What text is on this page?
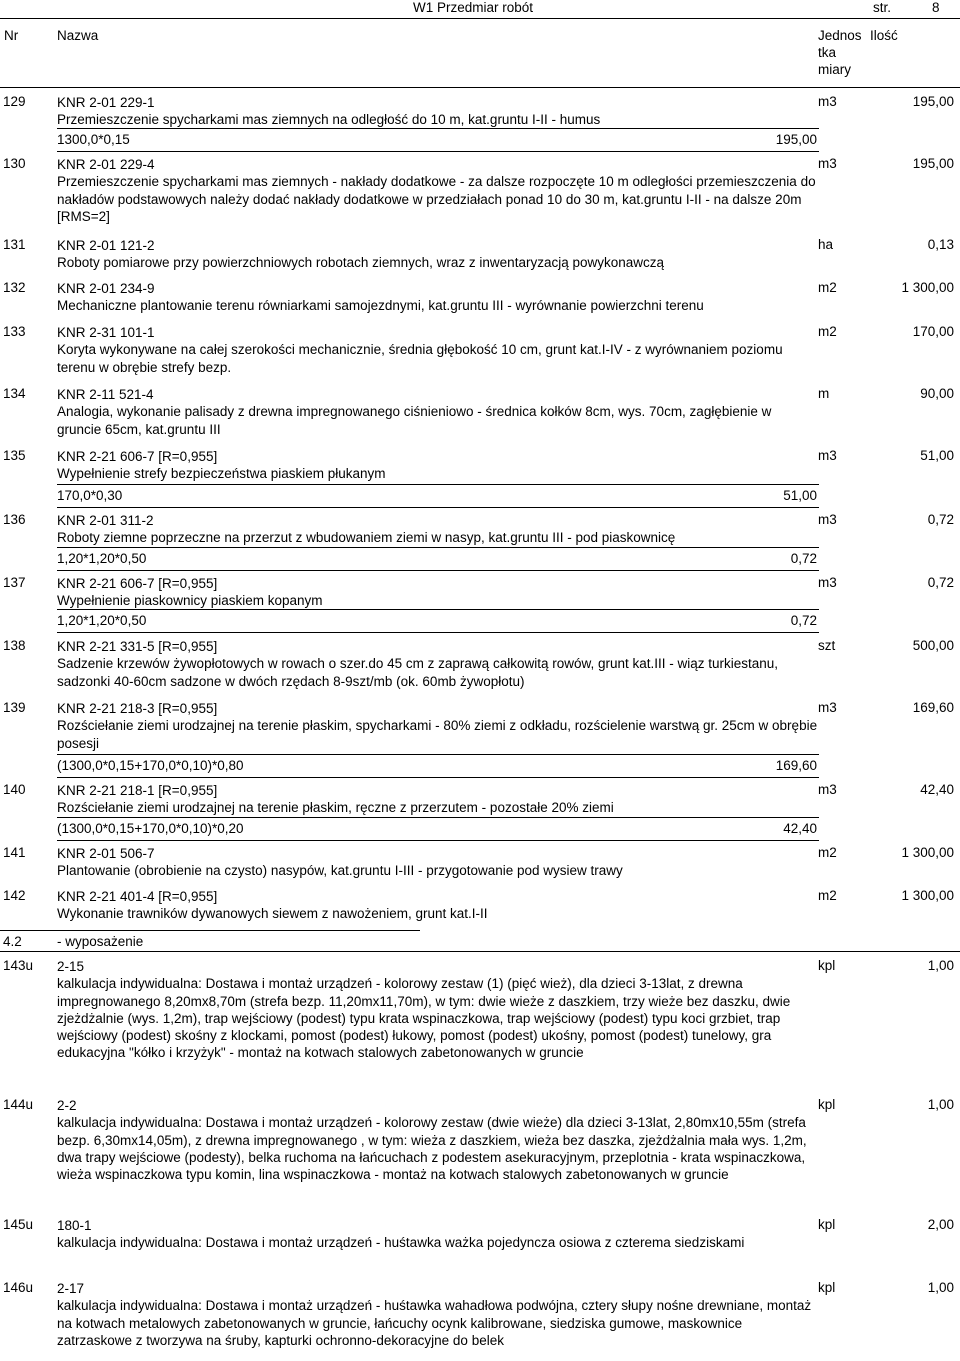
W1 Przedmiar robót	str.	8
Nr	Nazwa	Jednos
tka
miary
Ilość
129 KNR 2-01 229-1
Przemieszczenie spycharkami mas ziemnych na odległość do 10 m, kat.gruntu I-II - humus
m3	195,00
1300,0*0,15	195,00
130 KNR 2-01 229-4
Przemieszczenie spycharkami mas ziemnych - nakłady dodatkowe - za dalsze rozpoczęte 10 m odległości przemieszczenia do nakładów podstawowych należy dodać nakłady dodatkowe w przedziałach ponad 10 do 30 m, kat.gruntu I-II - na dalsze 20m [RMS=2]
m3	195,00
131 KNR 2-01 121-2
Roboty pomiarowe przy powierzchniowych robotach ziemnych, wraz z inwentaryzacją powykonawczą
ha	0,13
132 KNR 2-01 234-9
Mechaniczne plantowanie terenu równiarkami samojezdnymi, kat.gruntu III - wyrównanie powierzchni terenu
m2	1 300,00
133 KNR 2-31 101-1
Koryta wykonywane na całej szerokości mechanicznie, średnia głębokość 10 cm, grunt kat.I-IV - z wyrównaniem poziomu terenu w obrębie strefy bezp.
m2	170,00
134 KNR 2-11 521-4
Analogia, wykonanie palisady z drewna impregnowanego ciśnieniowo - średnica kołków 8cm, wys. 70cm, zagłębienie w gruncie 65cm, kat.gruntu III
m	90,00
135 KNR 2-21 606-7 [R=0,955]
Wypełnienie strefy bezpieczeństwa piaskiem płukanym
m3	51,00
170,0*0,30	51,00
136 KNR 2-01 311-2
Roboty ziemne poprzeczne na przerzut z wbudowaniem ziemi w nasyp, kat.gruntu III - pod piaskownicę
m3	0,72
1,20*1,20*0,50	0,72
137 KNR 2-21 606-7 [R=0,955]
Wypełnienie piaskownicy piaskiem kopanym
m3	0,72
1,20*1,20*0,50	0,72
138 KNR 2-21 331-5 [R=0,955]
Sadzenie krzewów żywopłotowych w rowach o szer.do 45 cm z zaprawą całkowitą rowów, grunt kat.III - wiąz turkiestanu, sadzonki 40-60cm sadzone w dwóch rzędach 8-9szt/mb (ok. 60mb żywopłotu)
szt	500,00
139 KNR 2-21 218-3 [R=0,955]
Rozściełanie ziemi urodzajnej na terenie płaskim, spycharkami - 80% ziemi z odkładu, rozścielenie warstwą gr. 25cm w obrębie posesji
m3	169,60
(1300,0*0,15+170,0*0,10)*0,80	169,60
140 KNR 2-21 218-1 [R=0,955]
Rozściełanie ziemi urodzajnej na terenie płaskim, ręczne z przerzutem - pozostałe 20% ziemi
m3	42,40
(1300,0*0,15+170,0*0,10)*0,20	42,40
141 KNR 2-01 506-7
Plantowanie (obrobienie na czysto) nasypów, kat.gruntu I-III - przygotowanie pod wysiew trawy
m2	1 300,00
142 KNR 2-21 401-4 [R=0,955]
Wykonanie trawników dywanowych siewem z nawożeniem, grunt kat.I-II
m2	1 300,00
4.2	- wyposażenie
143u 2-15
kalkulacja indywidualna: Dostawa i montaż urządzeń - kolorowy zestaw (1) (pięć wież), dla dzieci 3-13lat, z drewna impregnowanego 8,20mx8,70m (strefa bezp. 11,20mx11,70m), w tym: dwie wieże z daszkiem, trzy wieże bez daszku, dwie zjeżdżalnie (wys. 1,2m), trap wejściowy (podest) typu krata wspinaczkowa, trap wejściowy (podest) typu koci grzbiet, trap wejściowy (podest) skośny z klockami, pomost (podest) łukowy, pomost (podest) ukośny, pomost (podest) tunelowy, gra edukacyjna "kółko i krzyżyk" - montaż na kotwach stalowych zabetonowanych w gruncie
kpl	1,00
144u 2-2
kalkulacja indywidualna: Dostawa i montaż urządzeń - kolorowy zestaw (dwie wieże) dla dzieci 3-13lat, 2,80mx10,55m (strefa bezp. 6,30mx14,05m), z drewna impregnowanego , w tym: wieża z daszkiem, wieża bez daszka, zjeżdżalnia mała wys. 1,2m, dwa trapy wejściowe (podesty), belka ruchoma na łańcuchach z podestem asekuracyjnym, przeplotnia - krata wspinaczkowa, wieża wspinaczkowa typu komin, lina wspinaczkowa - montaż na kotwach stalowych zabetonowanych w gruncie
kpl	1,00
145u 180-1
kalkulacja indywidualna: Dostawa i montaż urządzeń - huśtawka ważka pojedyncza osiowa z czterema siedziskami
kpl	2,00
146u 2-17
kalkulacja indywidualna: Dostawa i montaż urządzeń - huśtawka wahadłowa podwójna, cztery słupy nośne drewniane, montaż na kotwach metalowych zabetonowanych w gruncie, łańcuchy ocynk kalibrowane, siedziska gumowe, maskownice zatrzaskowe z tworzywa na śruby, kapturki ochronno-dekoracyjne do belek
kpl	1,00
